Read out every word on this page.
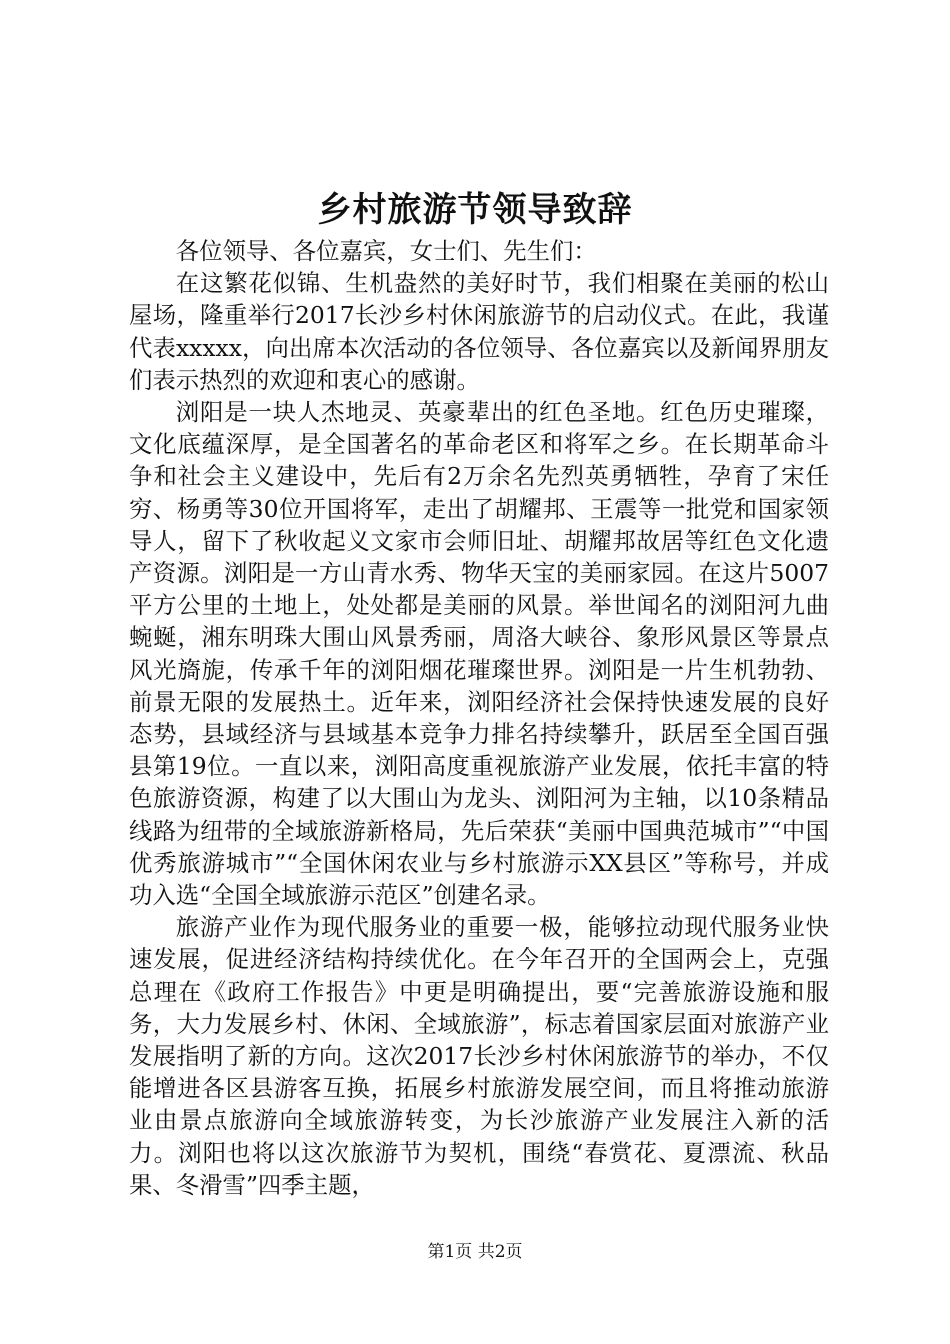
乡村旅游节领导致辞

各位领导、各位嘉宾，女士们、先生们：

在这繁花似锦、生机盎然的美好时节，我们相聚在美丽的松山屋场，隆重举行2017长沙乡村休闲旅游节的启动仪式。在此，我谨代表xxxxx，向出席本次活动的各位领导、各位嘉宾以及新闻界朋友们表示热烈的欢迎和衷心的感谢。

浏阳是一块人杰地灵、英豪辈出的红色圣地。红色历史璀璨，文化底蕴深厚，是全国著名的革命老区和将军之乡。在长期革命斗争和社会主义建设中，先后有2万余名先烈英勇牺牲，孕育了宋任穷、杨勇等30位开国将军，走出了胡耀邦、王震等一批党和国家领导人，留下了秋收起义文家市会师旧址、胡耀邦故居等红色文化遗产资源。浏阳是一方山青水秀、物华天宝的美丽家园。在这片5007平方公里的土地上，处处都是美丽的风景。举世闻名的浏阳河九曲蜿蜒，湘东明珠大围山风景秀丽，周洛大峡谷、象形风景区等景点风光旖旎，传承千年的浏阳烟花璀璨世界。浏阳是一片生机勃勃、前景无限的发展热土。近年来，浏阳经济社会保持快速发展的良好态势，县域经济与县域基本竞争力排名持续攀升，跃居至全国百强县第19位。一直以来，浏阳高度重视旅游产业发展，依托丰富的特色旅游资源，构建了以大围山为龙头、浏阳河为主轴，以10条精品线路为纽带的全域旅游新格局，先后荣获“美丽中国典范城市”“中国优秀旅游城市”“全国休闲农业与乡村旅游示XX县区”等称号，并成功入选“全国全域旅游示范区”创建名录。

旅游产业作为现代服务业的重要一极，能够拉动现代服务业快速发展，促进经济结构持续优化。在今年召开的全国两会上，克强总理在《政府工作报告》中更是明确提出，要“完善旅游设施和服务，大力发展乡村、休闲、全域旅游”，标志着国家层面对旅游产业发展指明了新的方向。这次2017长沙乡村休闲旅游节的举办，不仅能增进各区县游客互换，拓展乡村旅游发展空间，而且将推动旅游业由景点旅游向全域旅游转变，为长沙旅游产业发展注入新的活力。浏阳也将以这次旅游节为契机，围绕“春赏花、夏漂流、秋品果、冬滑雪”四季主题，

第1页 共2页
